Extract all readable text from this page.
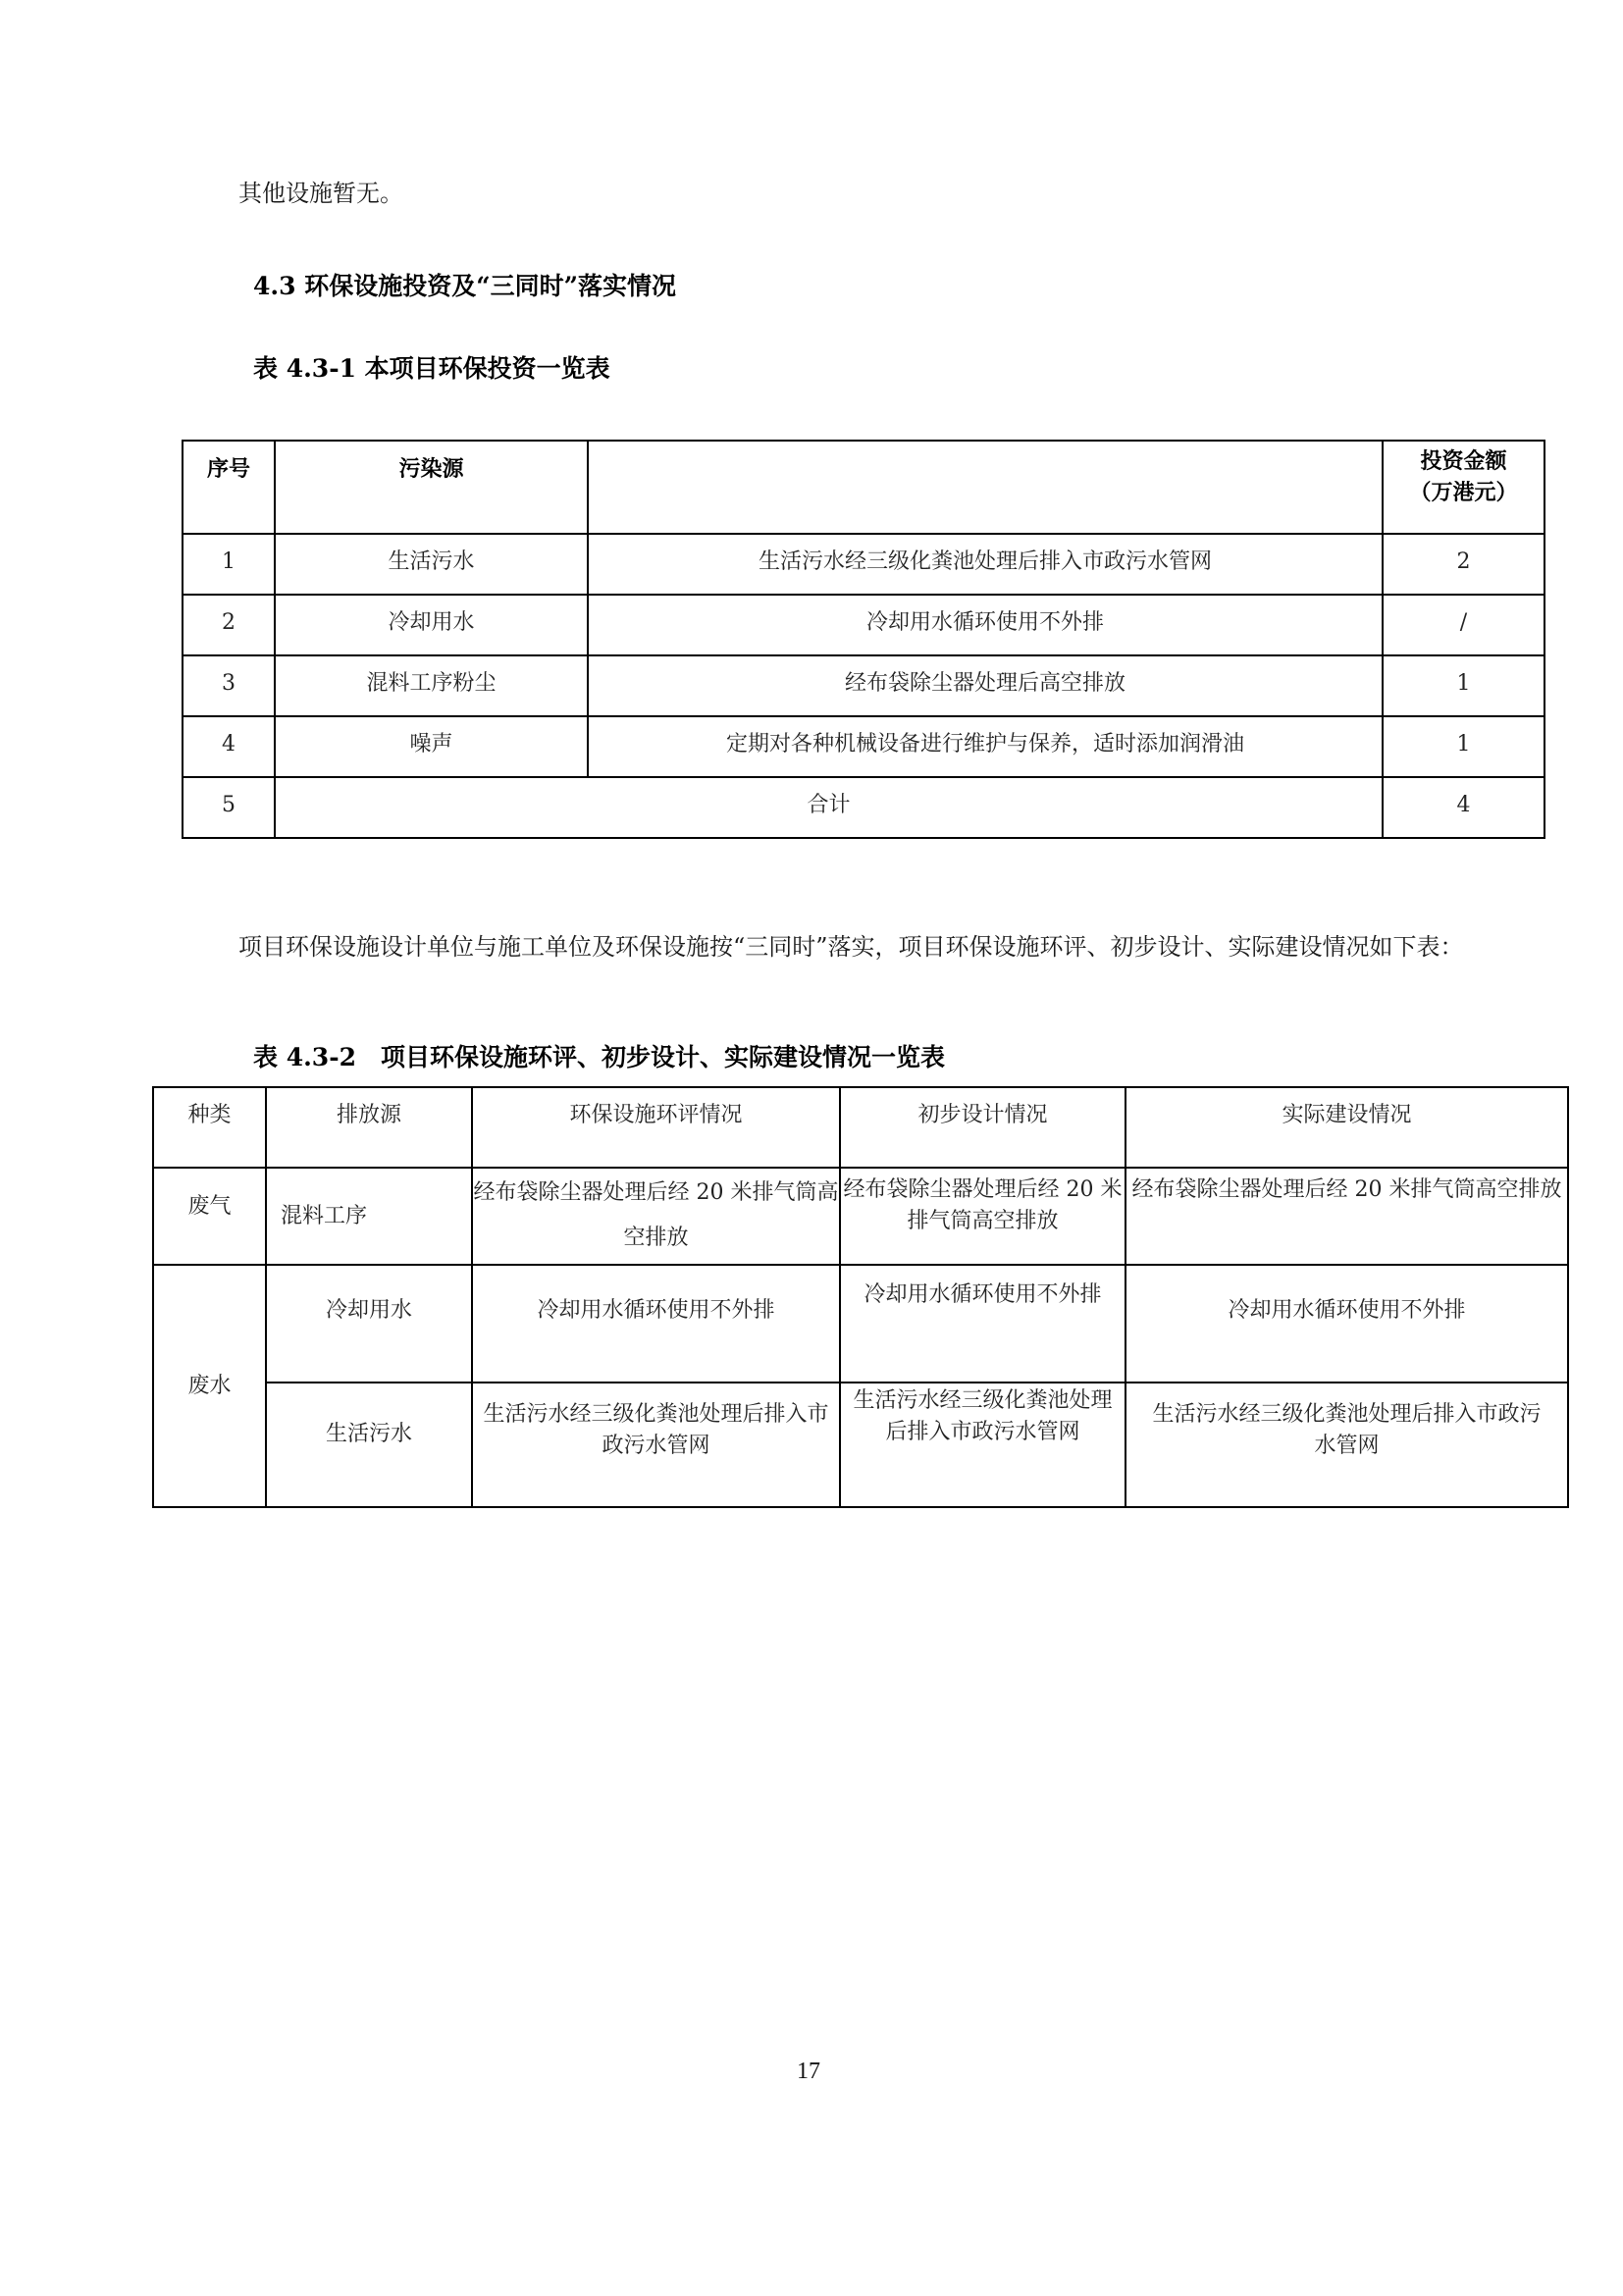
其他设施暂无。
4.3 环保设施投资及“三同时”落实情况
表 4.3-1 本项目环保投资一览表
序号	污染源		投资金额
（万港元）

1	生活污水	生活污水经三级化粪池处理后排入市政污水管网	2
2	冷却用水	冷却用水循环使用不外排	/
3	混料工序粉尘	经布袋除尘器处理后高空排放	1
4	噪声	定期对各种机械设备进行维护与保养，适时添加润滑油	1
5	合计		4
项目环保设施设计单位与施工单位及环保设施按“三同时”落实，项目环保设施环评、初步设计、实际建设情况如下表：
表 4.3-2　项目环保设施环评、初步设计、实际建设情况一览表
种类	排放源	环保设施环评情况	初步设计情况	实际建设情况
废气	混料工序	经布袋除尘器处理后经 20 米排气筒高空排放	经布袋除尘器处理后经 20 米排气筒高空排放	经布袋除尘器处理后经 20 米排气筒高空排放
废水	冷却用水	冷却用水循环使用不外排	冷却用水循环使用不外排	冷却用水循环使用不外排
	生活污水	生活污水经三级化粪池处理后排入市政污水管网	生活污水经三级化粪池处理后排入市政污水管网	生活污水经三级化粪池处理后排入市政污水管网
17
